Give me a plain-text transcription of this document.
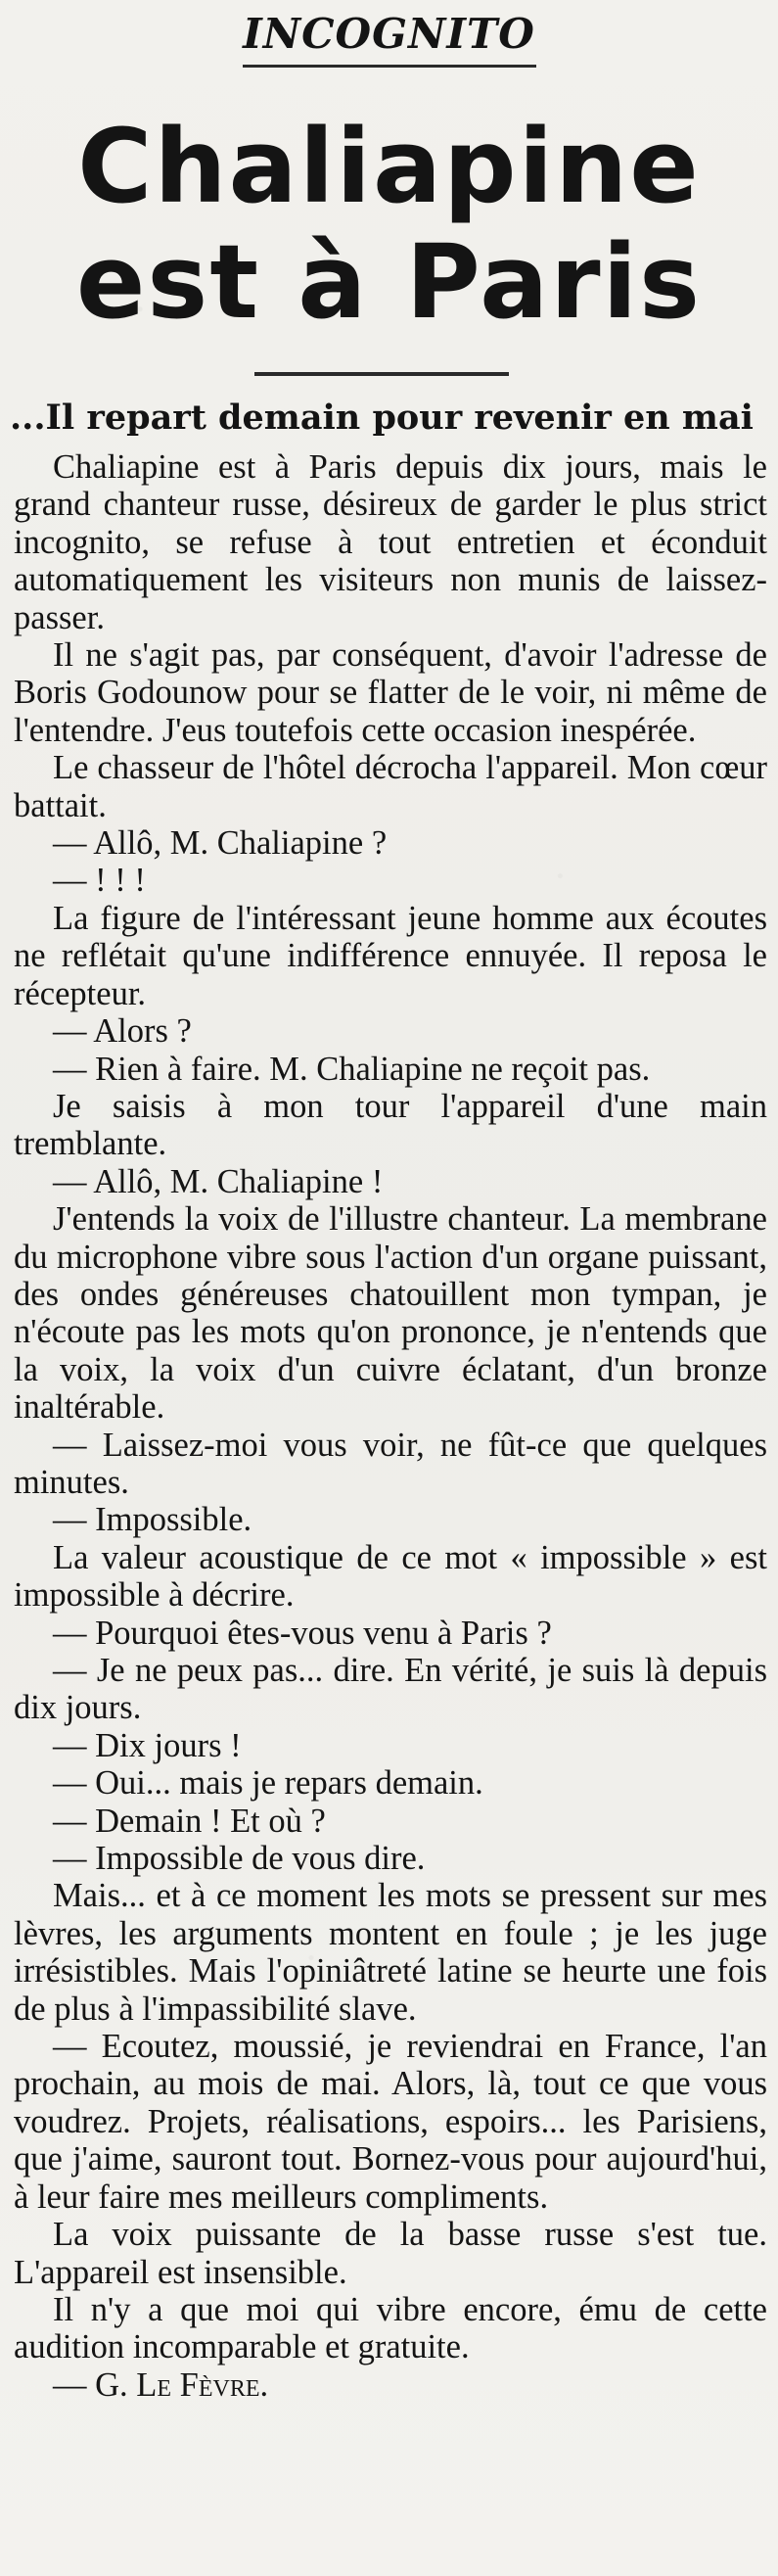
INCOGNITO
Chaliapine
est à Paris
...Il repart demain pour revenir en mai

Chaliapine est à Paris depuis dix jours, mais le grand chanteur russe, désireux de garder le plus strict incognito, se refuse à tout entretien et éconduit automatiquement les visiteurs non munis de laissez-passer.

Il ne s'agit pas, par conséquent, d'avoir l'adresse de Boris Godounow pour se flatter de le voir, ni même de l'entendre. J'eus toutefois cette occasion inespérée.

Le chasseur de l'hôtel décrocha l'appareil. Mon cœur battait.

— Allô, M. Chaliapine ?

— ! ! !

La figure de l'intéressant jeune homme aux écoutes ne reflétait qu'une indifférence ennuyée. Il reposa le récepteur.

— Alors ?

— Rien à faire. M. Chaliapine ne reçoit pas.

Je saisis à mon tour l'appareil d'une main tremblante.

— Allô, M. Chaliapine !

J'entends la voix de l'illustre chanteur. La membrane du microphone vibre sous l'action d'un organe puissant, des ondes généreuses chatouillent mon tympan, je n'écoute pas les mots qu'on prononce, je n'entends que la voix, la voix d'un cuivre éclatant, d'un bronze inaltérable.

— Laissez-moi vous voir, ne fût-ce que quelques minutes.

— Impossible.

La valeur acoustique de ce mot « impossible » est impossible à décrire.

— Pourquoi êtes-vous venu à Paris ?

— Je ne peux pas... dire. En vérité, je suis là depuis dix jours.

— Dix jours !

— Oui... mais je repars demain.

— Demain ! Et où ?

— Impossible de vous dire.

Mais... et à ce moment les mots se pressent sur mes lèvres, les arguments montent en foule ; je les juge irrésistibles. Mais l'opiniâtreté latine se heurte une fois de plus à l'impassibilité slave.

— Ecoutez, moussié, je reviendrai en France, l'an prochain, au mois de mai. Alors, là, tout ce que vous voudrez. Projets, réalisations, espoirs... les Parisiens, que j'aime, sauront tout. Bornez-vous pour aujourd'hui, à leur faire mes meilleurs compliments.

La voix puissante de la basse russe s'est tue. L'appareil est insensible.

Il n'y a que moi qui vibre encore, ému de cette audition incomparable et gratuite.

— G. Le Fèvre.
